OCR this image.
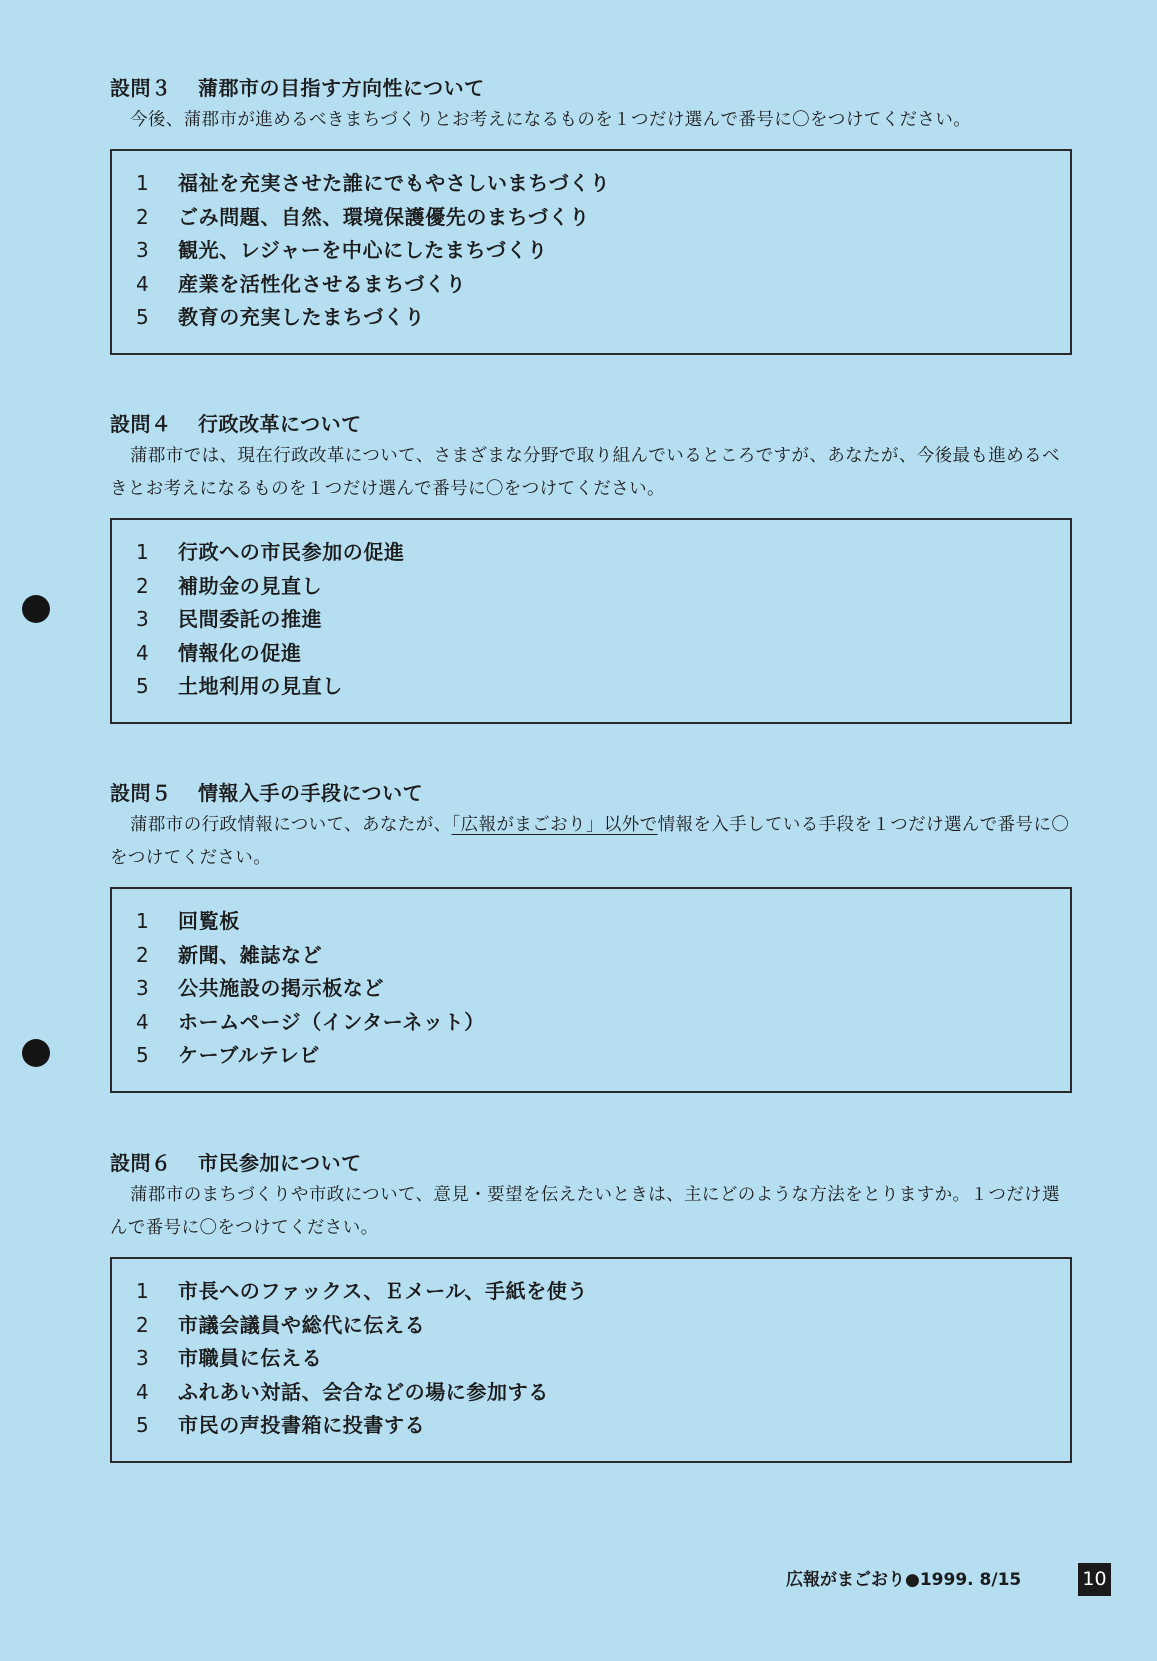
設問３ 蒲郡市の目指す方向性について
今後、蒲郡市が進めるべきまちづくりとお考えになるものを１つだけ選んで番号に〇をつけてください。
1 福祉を充実させた誰にでもやさしいまちづくり
2 ごみ問題、自然、環境保護優先のまちづくり
3 観光、レジャーを中心にしたまちづくり
4 産業を活性化させるまちづくり
5 教育の充実したまちづくり
設問４ 行政改革について
蒲郡市では、現在行政改革について、さまざまな分野で取り組んでいるところですが、あなたが、今後最も進めるべきとお考えになるものを１つだけ選んで番号に〇をつけてください。
1 行政への市民参加の促進
2 補助金の見直し
3 民間委託の推進
4 情報化の促進
5 土地利用の見直し
設問５ 情報入手の手段について
蒲郡市の行政情報について、あなたが、「広報がまごおり」以外で情報を入手している手段を１つだけ選んで番号に〇をつけてください。
1 回覧板
2 新聞、雑誌など
3 公共施設の掲示板など
4 ホームページ（インターネット）
5 ケーブルテレビ
設問６ 市民参加について
蒲郡市のまちづくりや市政について、意見・要望を伝えたいときは、主にどのような方法をとりますか。１つだけ選んで番号に〇をつけてください。
1 市長へのファックス、Ｅメール、手紙を使う
2 市議会議員や総代に伝える
3 市職員に伝える
4 ふれあい対話、会合などの場に参加する
5 市民の声投書箱に投書する
広報がまごおり●1999. 8/15	10
